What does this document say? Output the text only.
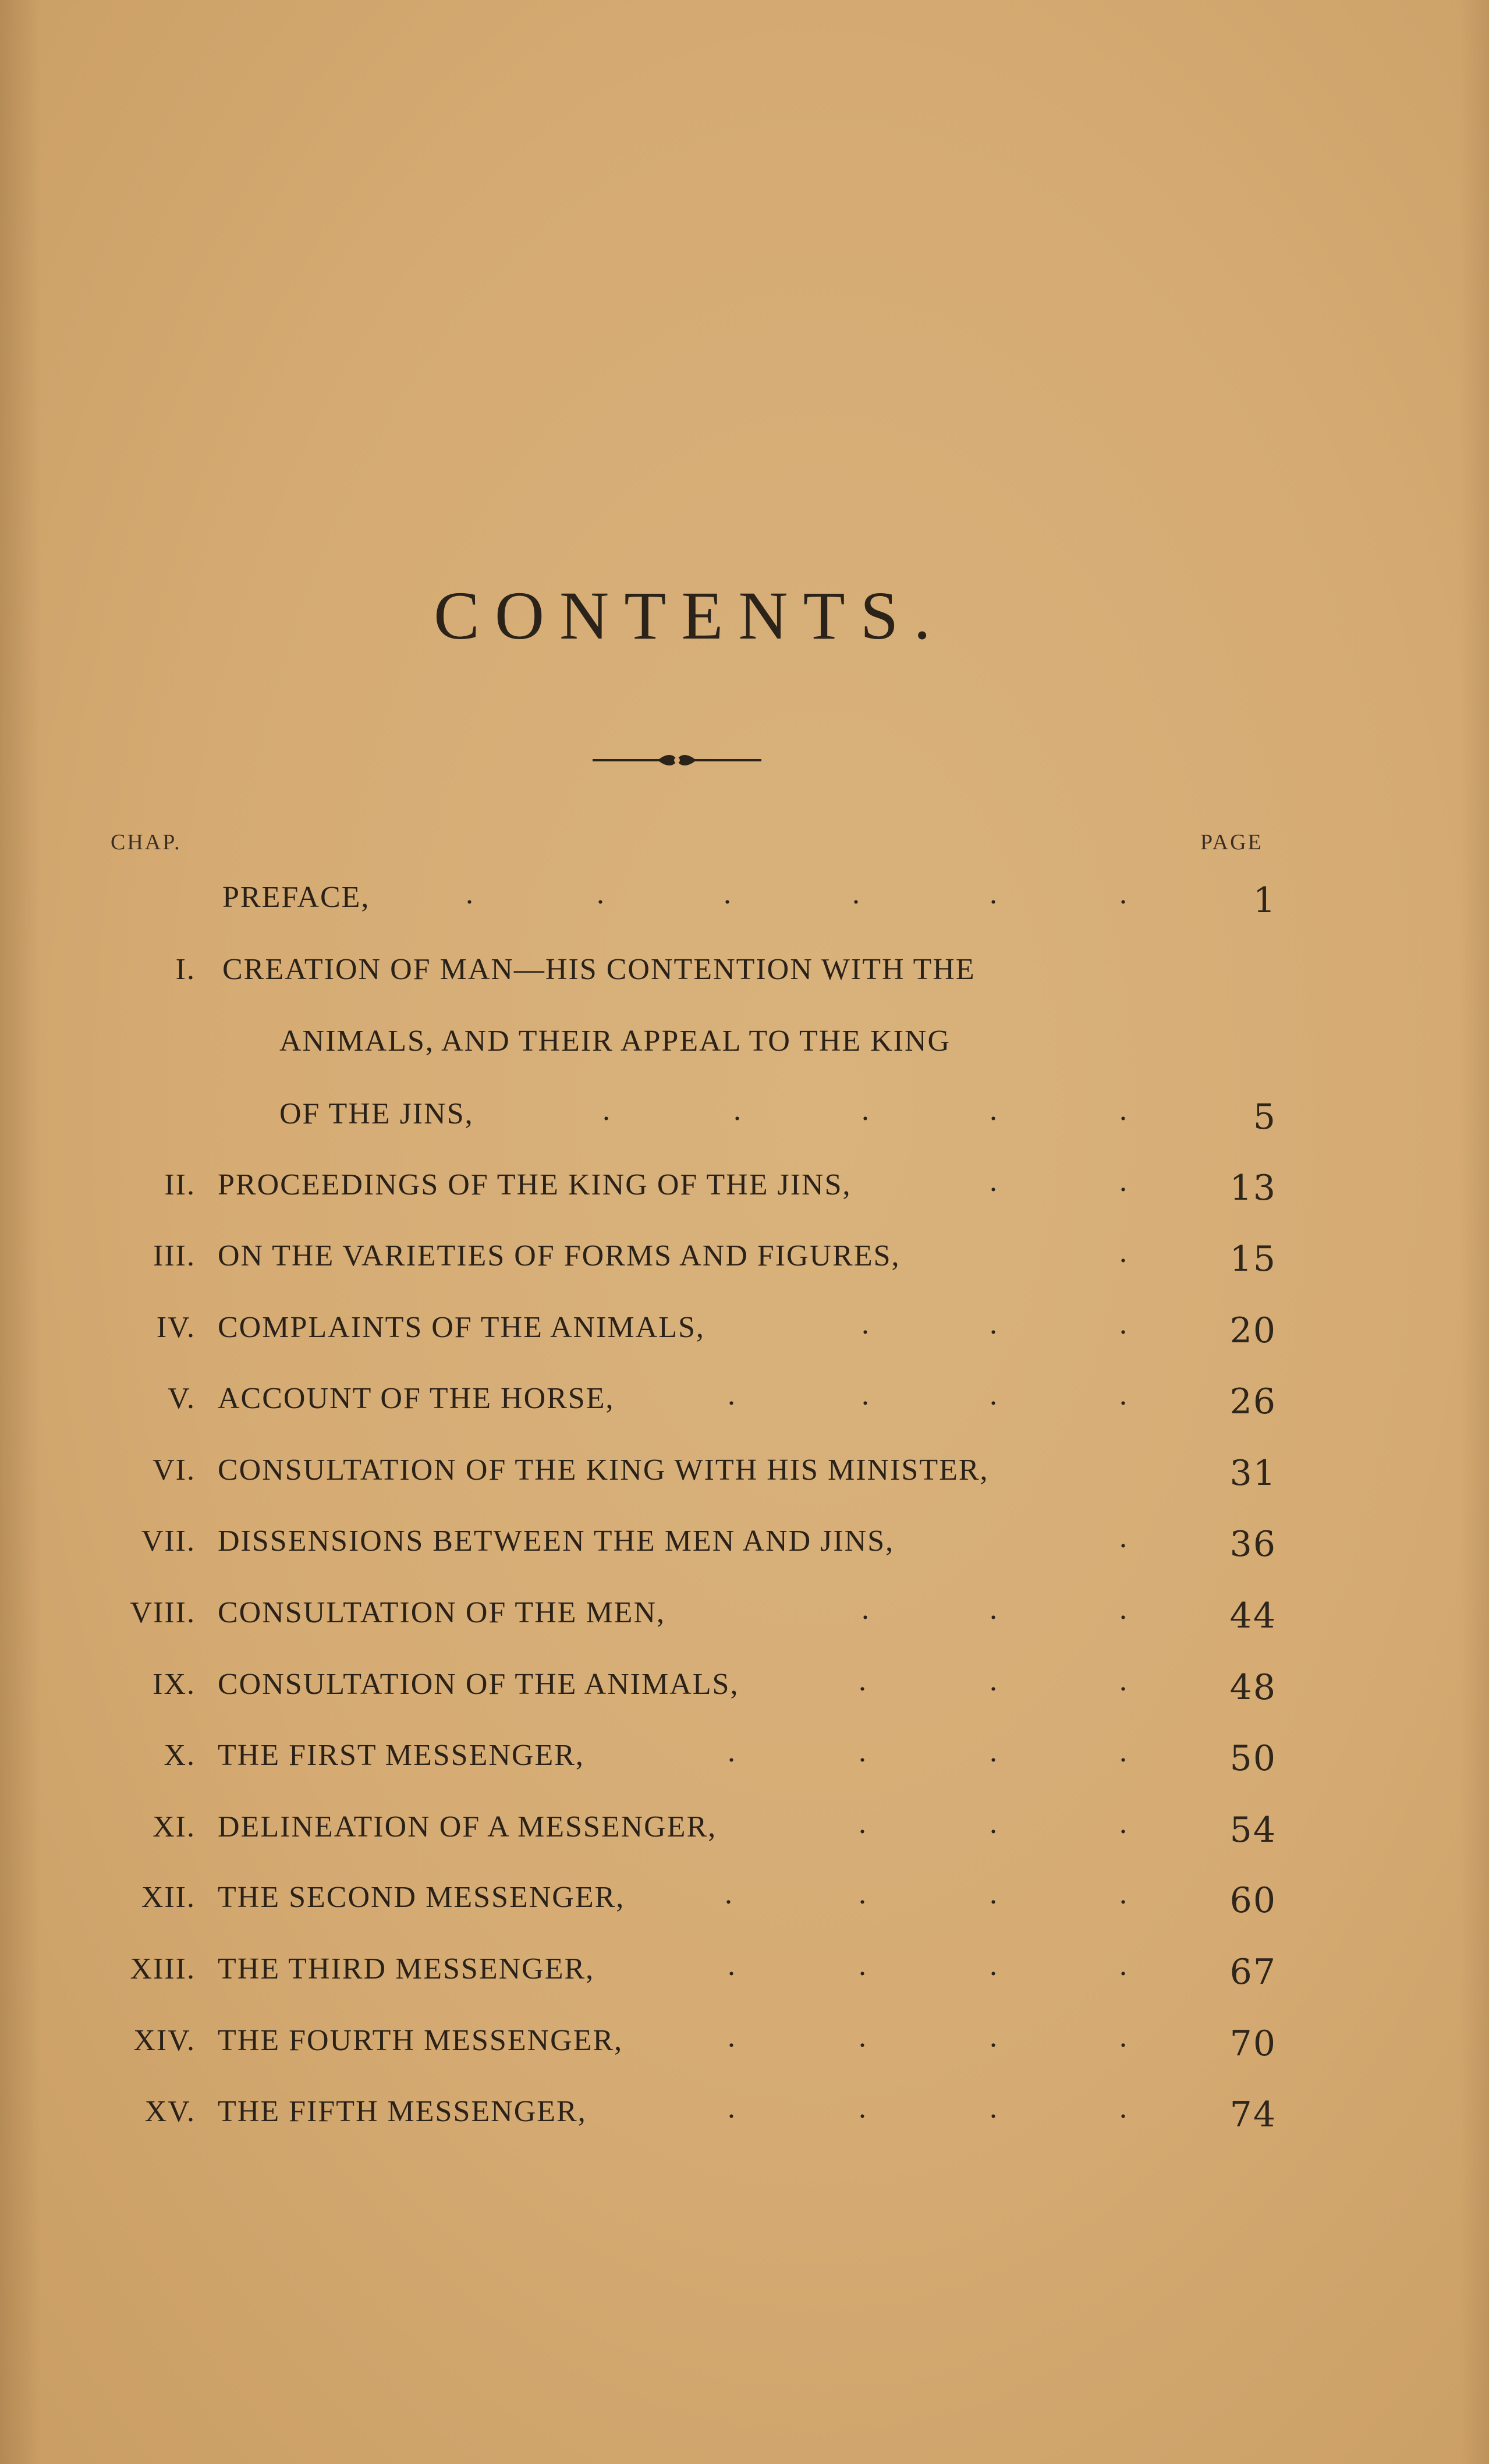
CONTENTS.
CHAP.	PAGE
PREFACE,	.	.	.	.	.	.	1
I. CREATION OF MAN—HIS CONTENTION WITH THE
ANIMALS, AND THEIR APPEAL TO THE KING
OF THE JINS,	.	.	.	.	.	5
II. PROCEEDINGS OF THE KING OF THE JINS,	.	.	13
III. ON THE VARIETIES OF FORMS AND FIGURES,	.	15
IV. COMPLAINTS OF THE ANIMALS,	.	.	.	20
V. ACCOUNT OF THE HORSE,	.	.	.	.	26
VI. CONSULTATION OF THE KING WITH HIS MINISTER,	31
VII. DISSENSIONS BETWEEN THE MEN AND JINS,	.	36
VIII. CONSULTATION OF THE MEN,	.	.	.	44
IX. CONSULTATION OF THE ANIMALS,	.	.	.	48
X. THE FIRST MESSENGER,	.	.	.	.	50
XI. DELINEATION OF A MESSENGER,	.	.	.	54
XII. THE SECOND MESSENGER,	.	.	.	.	60
XIII. THE THIRD MESSENGER,	.	.	.	.	67
XIV. THE FOURTH MESSENGER,	.	.	.	.	70
XV. THE FIFTH MESSENGER,	.	.	.	.	74
